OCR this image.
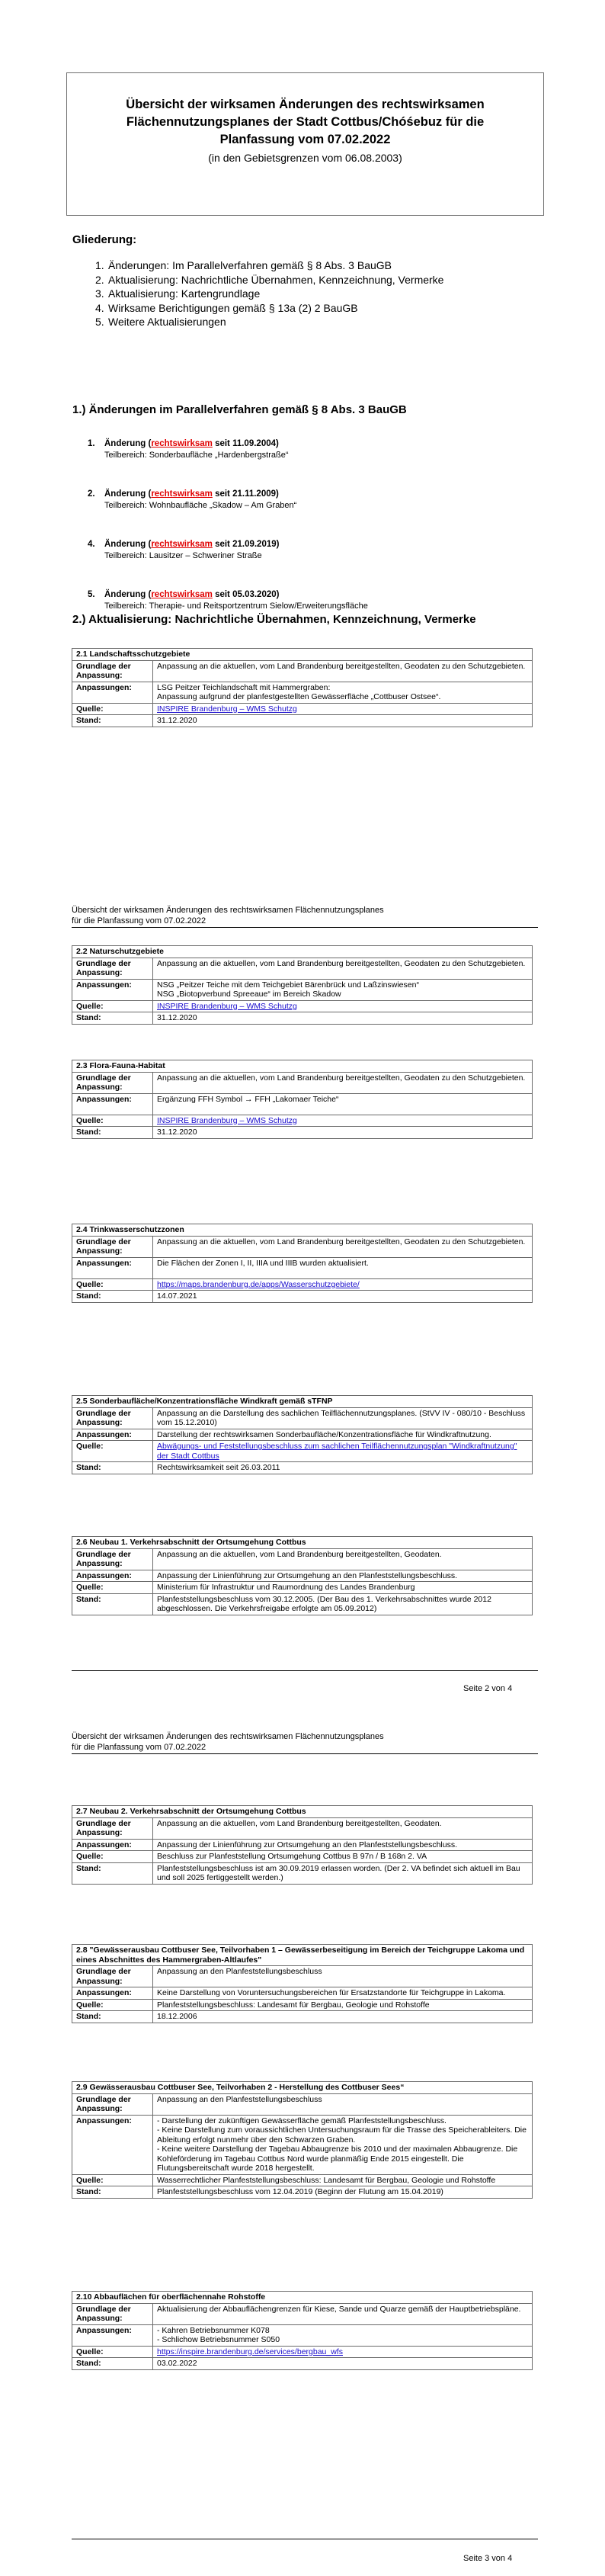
Übersicht der wirksamen Änderungen des rechtswirksamen Flächennutzungsplanes der Stadt Cottbus/Chóśebuz für die Planfassung vom 07.02.2022
(in den Gebietsgrenzen vom 06.08.2003)
Gliederung:
1. Änderungen: Im Parallelverfahren gemäß § 8 Abs. 3 BauGB
2. Aktualisierung: Nachrichtliche Übernahmen, Kennzeichnung, Vermerke
3. Aktualisierung: Kartengrundlage
4. Wirksame Berichtigungen gemäß § 13a (2) 2 BauGB
5. Weitere Aktualisierungen
1.) Änderungen im Parallelverfahren gemäß § 8 Abs. 3 BauGB
1. Änderung (rechtswirksam seit 11.09.2004)
Teilbereich: Sonderbaufläche „Hardenbergstraße“
2. Änderung (rechtswirksam seit 21.11.2009)
Teilbereich: Wohnbaufläche „Skadow – Am Graben“
4. Änderung (rechtswirksam seit 21.09.2019)
Teilbereich: Lausitzer – Schweriner Straße
5. Änderung (rechtswirksam seit 05.03.2020)
Teilbereich: Therapie- und Reitsportzentrum Sielow/Erweiterungsfläche
2.) Aktualisierung: Nachrichtliche Übernahmen, Kennzeichnung, Vermerke
Übersicht der wirksamen Änderungen des rechtswirksamen Flächennutzungsplanes
für die Planfassung vom 07.02.2022
Seite 2 von 4
Übersicht der wirksamen Änderungen des rechtswirksamen Flächennutzungsplanes
für die Planfassung vom 07.02.2022
Seite 3 von 4
2.1 Landschaftsschutzgebiete	
Grundlage der Anpassung:	Anpassung an die aktuellen, vom Land Brandenburg bereitgestellten, Geodaten zu den Schutzgebieten.
Anpassungen:	LSG Peitzer Teichlandschaft mit Hammergraben:
Anpassung aufgrund der planfestgestellten Gewässerfläche „Cottbuser Ostsee“.

Quelle:	INSPIRE Brandenburg – WMS Schutzg
Stand:	31.12.2020
2.2 Naturschutzgebiete	
Grundlage der Anpassung:	Anpassung an die aktuellen, vom Land Brandenburg bereitgestellten, Geodaten zu den Schutzgebieten.
Anpassungen:	NSG „Peitzer Teiche mit dem Teichgebiet Bärenbrück und Laßzinswiesen“
NSG „Biotopverbund Spreeaue“ im Bereich Skadow

Quelle:	INSPIRE Brandenburg – WMS Schutzg
Stand:	31.12.2020
2.3 Flora-Fauna-Habitat	
Grundlage der Anpassung:	Anpassung an die aktuellen, vom Land Brandenburg bereitgestellten, Geodaten zu den Schutzgebieten.
Anpassungen:	Ergänzung FFH Symbol → FFH „Lakomaer Teiche“

Quelle:	INSPIRE Brandenburg – WMS Schutzg
Stand:	31.12.2020
2.4 Trinkwasserschutzzonen	
Grundlage der Anpassung:	Anpassung an die aktuellen, vom Land Brandenburg bereitgestellten, Geodaten zu den Schutzgebieten.
Anpassungen:	Die Flächen der Zonen I, II, IIIA und IIIB wurden aktualisiert.

Quelle:	https://maps.brandenburg.de/apps/Wasserschutzgebiete/
Stand:	14.07.2021
2.5 Sonderbaufläche/Konzentrationsfläche Windkraft gemäß sTFNP	
Grundlage der Anpassung:	Anpassung an die Darstellung des sachlichen Teilflächennutzungsplanes. (StVV IV - 080/10 - Beschluss vom 15.12.2010)
Anpassungen:	Darstellung der rechtswirksamen Sonderbaufläche/Konzentrationsfläche für Windkraftnutzung.

Quelle:	Abwägungs- und Feststellungsbeschluss zum sachlichen Teilflächennutzungsplan "Windkraftnutzung" der Stadt Cottbus
Stand:	Rechtswirksamkeit seit 26.03.2011
2.6 Neubau 1. Verkehrsabschnitt der Ortsumgehung Cottbus	
Grundlage der Anpassung:	Anpassung an die aktuellen, vom Land Brandenburg bereitgestellten, Geodaten.
Anpassungen:	Anpassung der Linienführung zur Ortsumgehung an den Planfeststellungsbeschluss.

Quelle:	Ministerium für Infrastruktur und Raumordnung des Landes Brandenburg
Stand:	Planfeststellungsbeschluss vom 30.12.2005. (Der Bau des 1. Verkehrsabschnittes wurde 2012 abgeschlossen. Die Verkehrsfreigabe erfolgte am 05.09.2012)
2.7 Neubau 2. Verkehrsabschnitt der Ortsumgehung Cottbus	
Grundlage der Anpassung:	Anpassung an die aktuellen, vom Land Brandenburg bereitgestellten, Geodaten.
Anpassungen:	Anpassung der Linienführung zur Ortsumgehung an den Planfeststellungsbeschluss.

Quelle:	Beschluss zur Planfeststellung Ortsumgehung Cottbus B 97n / B 168n 2. VA
Stand:	Planfeststellungsbeschluss ist am 30.09.2019 erlassen worden. (Der 2. VA befindet sich aktuell im Bau und soll 2025 fertiggestellt werden.)
2.8 "Gewässerausbau Cottbuser See, Teilvorhaben 1 – Gewässerbeseitigung im Bereich der Teichgruppe Lakoma und eines Abschnittes des Hammergraben-Altlaufes"	
Grundlage der Anpassung:	Anpassung an den Planfeststellungsbeschluss
Anpassungen:	Keine Darstellung von Voruntersuchungsbereichen für Ersatzstandorte für Teichgruppe in Lakoma.

Quelle:	Planfeststellungsbeschluss: Landesamt für Bergbau, Geologie und Rohstoffe
Stand:	18.12.2006
2.9 Gewässerausbau Cottbuser See, Teilvorhaben 2 - Herstellung des Cottbuser Sees“	
Grundlage der Anpassung:	Anpassung an den Planfeststellungsbeschluss
Anpassungen:	- Darstellung der zukünftigen Gewässerfläche gemäß Planfeststellungsbeschluss.
- Keine Darstellung zum voraussichtlichen Untersuchungsraum für die Trasse des Speicherableiters. Die Ableitung erfolgt nunmehr über den Schwarzen Graben.
- Keine weitere Darstellung der Tagebau Abbaugrenze bis 2010 und der maximalen Abbaugrenze. Die Kohleförderung im Tagebau Cottbus Nord wurde planmäßig Ende 2015 eingestellt. Die Flutungsbereitschaft wurde 2018 hergestellt.

Quelle:	Wasserrechtlicher Planfeststellungsbeschluss: Landesamt für Bergbau, Geologie und Rohstoffe
Stand:	Planfeststellungsbeschluss vom 12.04.2019 (Beginn der Flutung am 15.04.2019)
2.10 Abbauflächen für oberflächennahe Rohstoffe	
Grundlage der Anpassung:	Aktualisierung der Abbauflächengrenzen für Kiese, Sande und Quarze gemäß der Hauptbetriebspläne.
Anpassungen:	- Kahren Betriebsnummer K078
- Schlichow Betriebsnummer S050

Quelle:	https://inspire.brandenburg.de/services/bergbau_wfs
Stand:	03.02.2022
